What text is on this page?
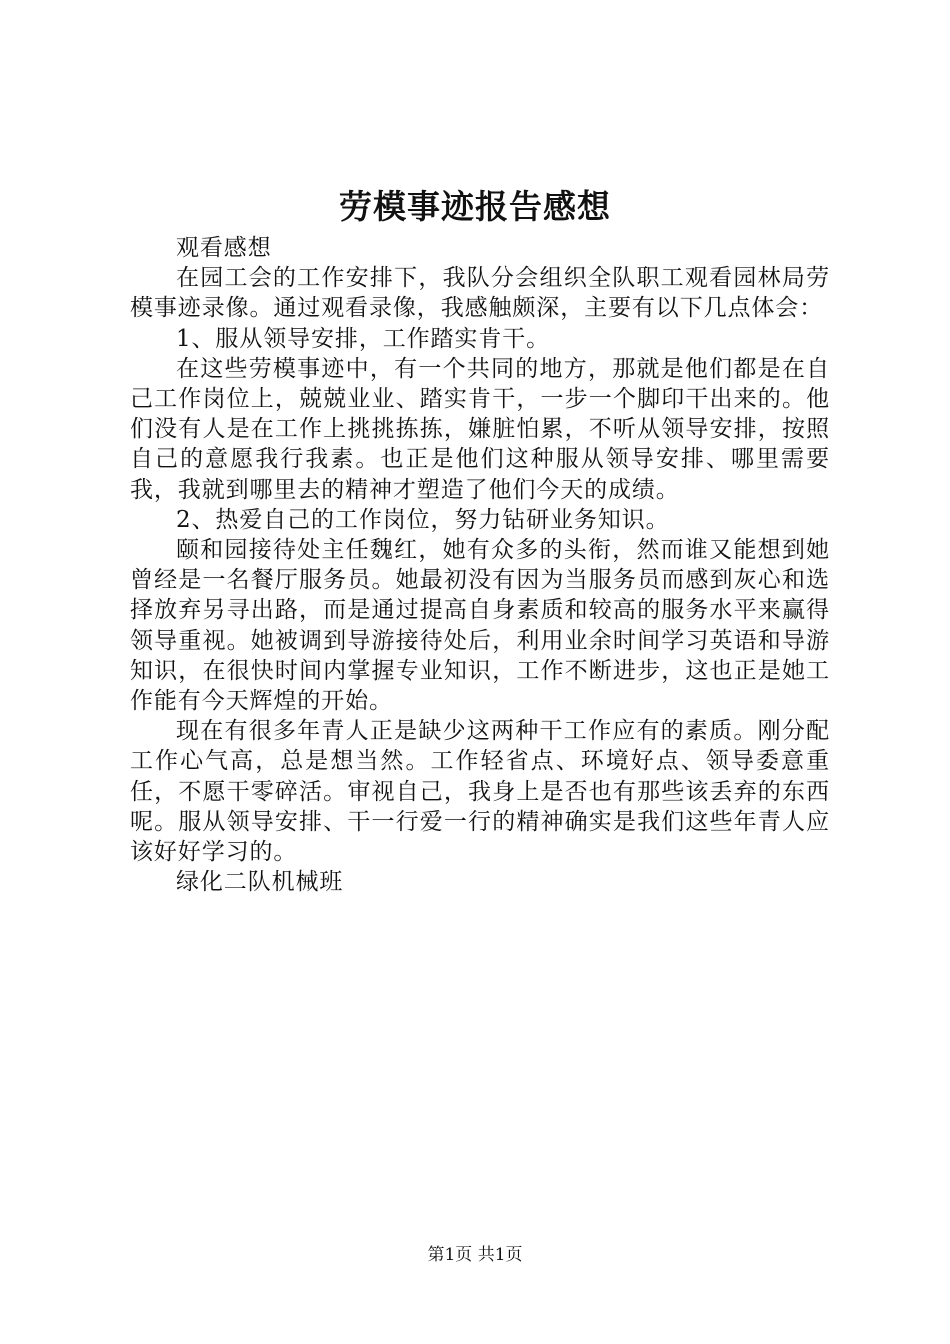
劳模事迹报告感想

观看感想

在园工会的工作安排下，我队分会组织全队职工观看园林局劳模事迹录像。通过观看录像，我感触颇深，主要有以下几点体会：

1、服从领导安排，工作踏实肯干。

在这些劳模事迹中，有一个共同的地方，那就是他们都是在自己工作岗位上，兢兢业业、踏实肯干，一步一个脚印干出来的。他们没有人是在工作上挑挑拣拣，嫌脏怕累，不听从领导安排，按照自己的意愿我行我素。也正是他们这种服从领导安排、哪里需要我，我就到哪里去的精神才塑造了他们今天的成绩。

2、热爱自己的工作岗位，努力钻研业务知识。

颐和园接待处主任魏红，她有众多的头衔，然而谁又能想到她曾经是一名餐厅服务员。她最初没有因为当服务员而感到灰心和选择放弃另寻出路，而是通过提高自身素质和较高的服务水平来赢得领导重视。她被调到导游接待处后，利用业余时间学习英语和导游知识，在很快时间内掌握专业知识，工作不断进步，这也正是她工作能有今天辉煌的开始。

现在有很多年青人正是缺少这两种干工作应有的素质。刚分配工作心气高，总是想当然。工作轻省点、环境好点、领导委意重任，不愿干零碎活。审视自己，我身上是否也有那些该丢弃的东西呢。服从领导安排、干一行爱一行的精神确实是我们这些年青人应该好好学习的。

绿化二队机械班

第1页 共1页
